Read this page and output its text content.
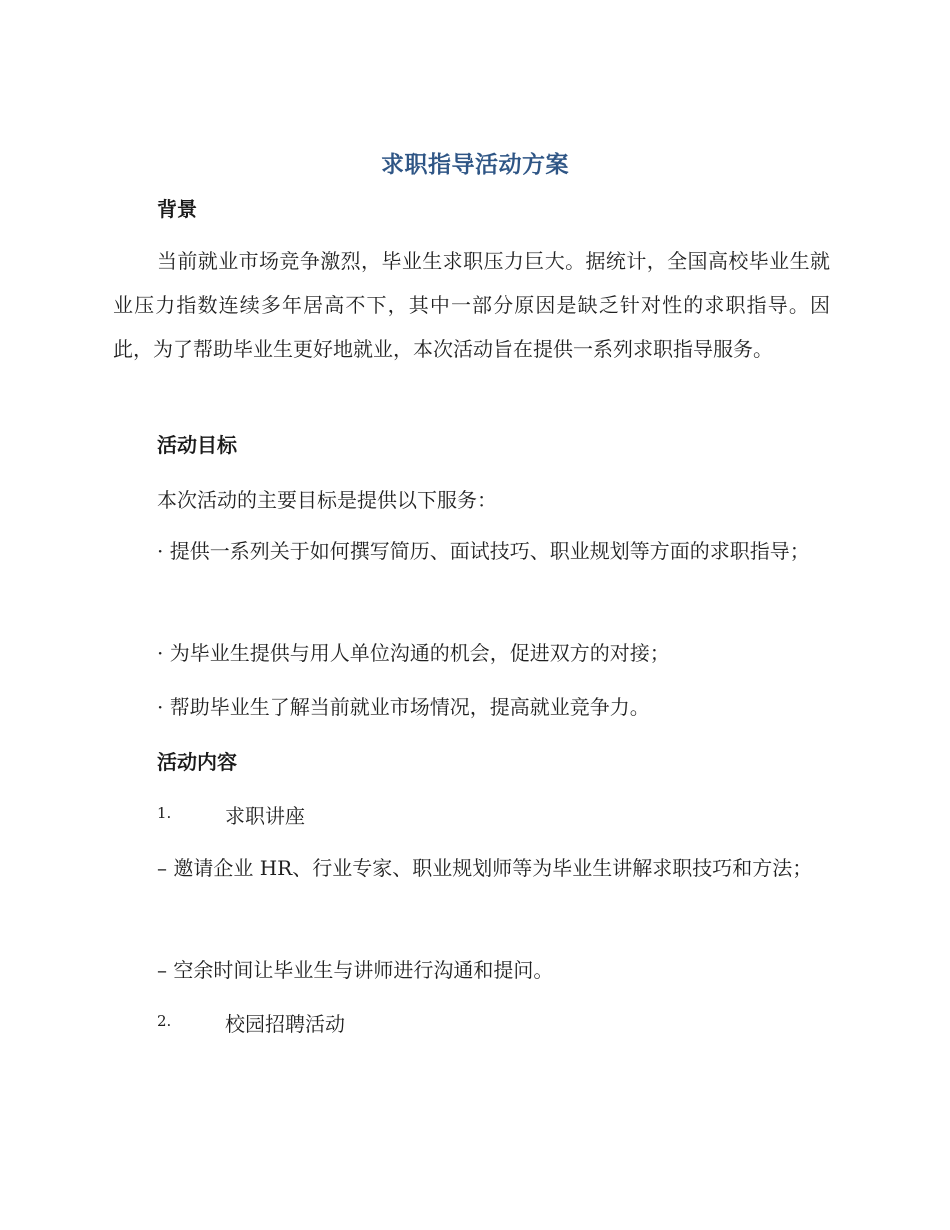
求职指导活动方案
背景
当前就业市场竞争激烈，毕业生求职压力巨大。据统计，全国高校毕业生就业压力指数连续多年居高不下，其中一部分原因是缺乏针对性的求职指导。因此，为了帮助毕业生更好地就业，本次活动旨在提供一系列求职指导服务。
活动目标
本次活动的主要目标是提供以下服务：
· 提供一系列关于如何撰写简历、面试技巧、职业规划等方面的求职指导；
· 为毕业生提供与用人单位沟通的机会，促进双方的对接；
· 帮助毕业生了解当前就业市场情况，提高就业竞争力。
活动内容
1.	求职讲座
– 邀请企业 HR、行业专家、职业规划师等为毕业生讲解求职技巧和方法；
– 空余时间让毕业生与讲师进行沟通和提问。
2.	校园招聘活动
